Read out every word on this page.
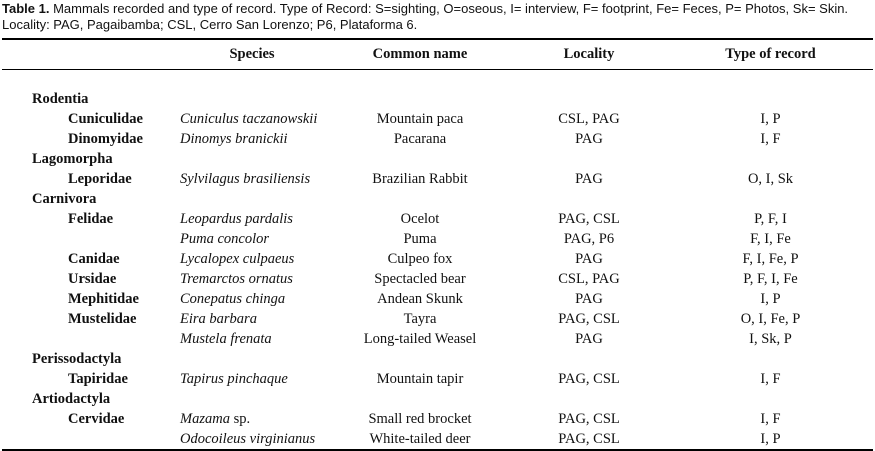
Table 1. Mammals recorded and type of record. Type of Record: S=sighting, O=oseous, I= interview, F= footprint, Fe= Feces, P= Photos, Sk= Skin. Locality: PAG, Pagaibamba; CSL, Cerro San Lorenzo; P6, Plataforma 6.
	Species	Common name	Locality	Type of record

Rodentia				
Cuniculidae	Cuniculus taczanowskii	Mountain paca	CSL, PAG	I, P
Dinomyidae	Dinomys branickii	Pacarana	PAG	I, F
Lagomorpha				
Leporidae	Sylvilagus brasiliensis	Brazilian Rabbit	PAG	O, I, Sk
Carnivora				
Felidae	Leopardus pardalis	Ocelot	PAG, CSL	P, F, I
	Puma concolor	Puma	PAG, P6	F, I, Fe
Canidae	Lycalopex culpaeus	Culpeo fox	PAG	F, I, Fe, P
Ursidae	Tremarctos ornatus	Spectacled bear	CSL, PAG	P, F, I, Fe
Mephitidae	Conepatus chinga	Andean Skunk	PAG	I, P
Mustelidae	Eira barbara	Tayra	PAG, CSL	O, I, Fe, P
	Mustela frenata	Long-tailed Weasel	PAG	I, Sk, P
Perissodactyla				
Tapiridae	Tapirus pinchaque	Mountain tapir	PAG, CSL	I, F
Artiodactyla				
Cervidae	Mazama sp.	Small red brocket	PAG, CSL	I, F
	Odocoileus virginianus	White-tailed deer	PAG, CSL	I, P
